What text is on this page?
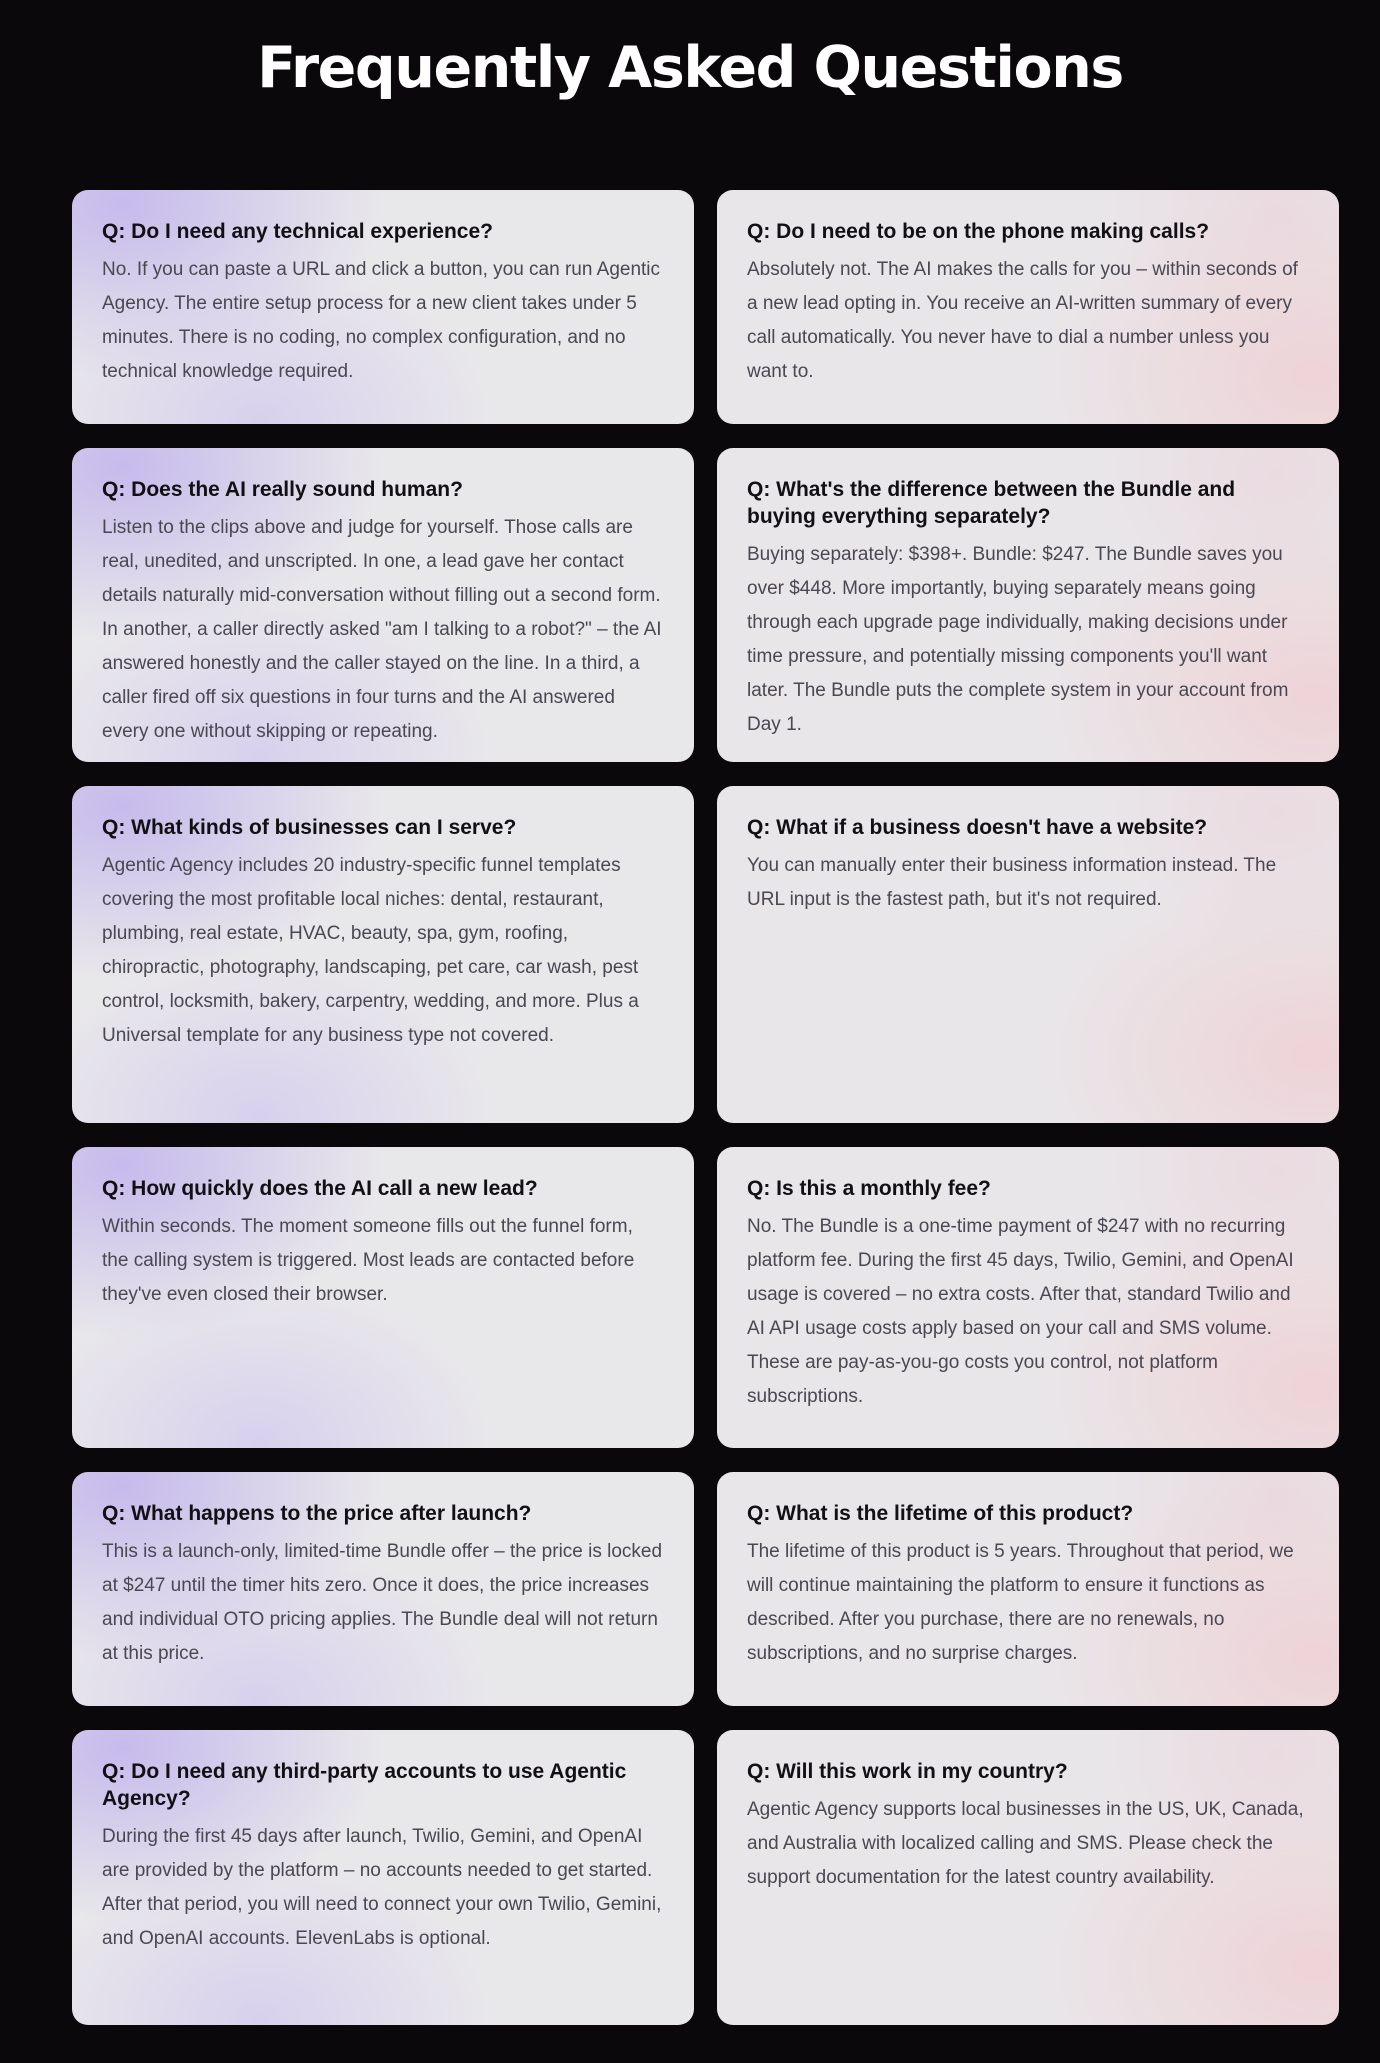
Frequently Asked Questions
Q: Do I need any technical experience?

No. If you can paste a URL and click a button, you can run Agentic Agency. The entire setup process for a new client takes under 5 minutes. There is no coding, no complex configuration, and no technical knowledge required.

Q: Do I need to be on the phone making calls?

Absolutely not. The AI makes the calls for you – within seconds of a new lead opting in. You receive an AI-written summary of every call automatically. You never have to dial a number unless you want to.

Q: Does the AI really sound human?

Listen to the clips above and judge for yourself. Those calls are real, unedited, and unscripted. In one, a lead gave her contact details naturally mid-conversation without filling out a second form. In another, a caller directly asked "am I talking to a robot?" – the AI answered honestly and the caller stayed on the line. In a third, a caller fired off six questions in four turns and the AI answered every one without skipping or repeating.

Q: What's the difference between the Bundle and buying everything separately?

Buying separately: $398+. Bundle: $247. The Bundle saves you over $448. More importantly, buying separately means going through each upgrade page individually, making decisions under time pressure, and potentially missing components you'll want later. The Bundle puts the complete system in your account from Day 1.

Q: What kinds of businesses can I serve?

Agentic Agency includes 20 industry-specific funnel templates covering the most profitable local niches: dental, restaurant, plumbing, real estate, HVAC, beauty, spa, gym, roofing, chiropractic, photography, landscaping, pet care, car wash, pest control, locksmith, bakery, carpentry, wedding, and more. Plus a Universal template for any business type not covered.

Q: What if a business doesn't have a website?

You can manually enter their business information instead. The URL input is the fastest path, but it's not required.

Q: How quickly does the AI call a new lead?

Within seconds. The moment someone fills out the funnel form, the calling system is triggered. Most leads are contacted before they've even closed their browser.

Q: Is this a monthly fee?

No. The Bundle is a one-time payment of $247 with no recurring platform fee. During the first 45 days, Twilio, Gemini, and OpenAI usage is covered – no extra costs. After that, standard Twilio and AI API usage costs apply based on your call and SMS volume. These are pay-as-you-go costs you control, not platform subscriptions.

Q: What happens to the price after launch?

This is a launch-only, limited-time Bundle offer – the price is locked at $247 until the timer hits zero. Once it does, the price increases and individual OTO pricing applies. The Bundle deal will not return at this price.

Q: What is the lifetime of this product?

The lifetime of this product is 5 years. Throughout that period, we will continue maintaining the platform to ensure it functions as described. After you purchase, there are no renewals, no subscriptions, and no surprise charges.

Q: Do I need any third-party accounts to use Agentic Agency?

During the first 45 days after launch, Twilio, Gemini, and OpenAI are provided by the platform – no accounts needed to get started. After that period, you will need to connect your own Twilio, Gemini, and OpenAI accounts. ElevenLabs is optional.

Q: Will this work in my country?

Agentic Agency supports local businesses in the US, UK, Canada, and Australia with localized calling and SMS. Please check the support documentation for the latest country availability.
